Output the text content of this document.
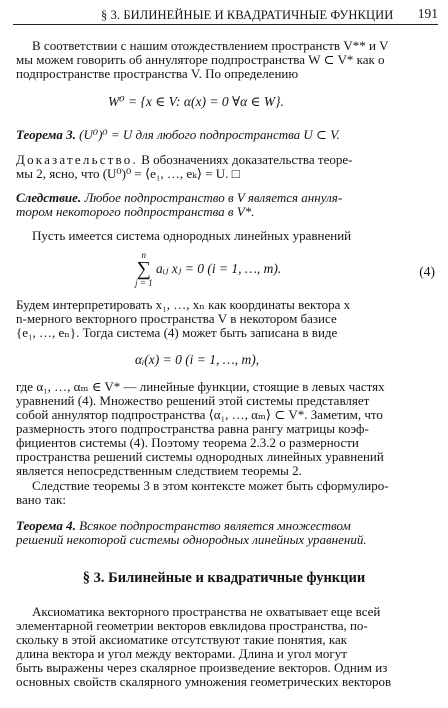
§ 3. БИЛИНЕЙНЫЕ И КВАДРАТИЧНЫЕ ФУНКЦИИ 191
В соответствии с нашим отождествлением пространств V** и V
мы можем говорить об аннуляторе подпространства W ⊂ V* как о
подпространстве пространства V. По определению
W⁰ = {x ∈ V: α(x) = 0 ∀α ∈ W}.
Теорема 3. (U⁰)⁰ = U для любого подпространства U ⊂ V.
Доказательство. В обозначениях доказательства теоре-
мы 2, ясно, что (U⁰)⁰ = ⟨e₁, …, eₖ⟩ = U. □
Следствие. Любое подпространство в V является аннуля-
тором некоторого подпространства в V*.
Пусть имеется система однородных линейных уравнений
n
∑
j = 1
aᵢⱼ xⱼ = 0 (i = 1, …, m).	(4)
Будем интерпретировать x₁, …, xₙ как координаты вектора x
n-мерного векторного пространства V в некотором базисе
{e₁, …, eₙ}. Тогда система (4) может быть записана в виде
αᵢ(x) = 0 (i = 1, …, m),
где α₁, …, αₘ ∈ V* — линейные функции, стоящие в левых частях
уравнений (4). Множество решений этой системы представляет
собой аннулятор подпространства ⟨α₁, …, αₘ⟩ ⊂ V*. Заметим, что
размерность этого подпространства равна рангу матрицы коэф-
фициентов системы (4). Поэтому теорема 2.3.2 о размерности
пространства решений системы однородных линейных уравнений
является непосредственным следствием теоремы 2.
Следствие теоремы 3 в этом контексте может быть сформулиро-
вано так:
Теорема 4. Всякое подпространство является множеством
решений некоторой системы однородных линейных уравнений.
§ 3. Билинейные и квадратичные функции
Аксиоматика векторного пространства не охватывает еще всей
элементарной геометрии векторов евклидова пространства, по-
скольку в этой аксиоматике отсутствуют такие понятия, как
длина вектора и угол между векторами. Длина и угол могут
быть выражены через скалярное произведение векторов. Одним из
основных свойств скалярного умножения геометрических векторов
